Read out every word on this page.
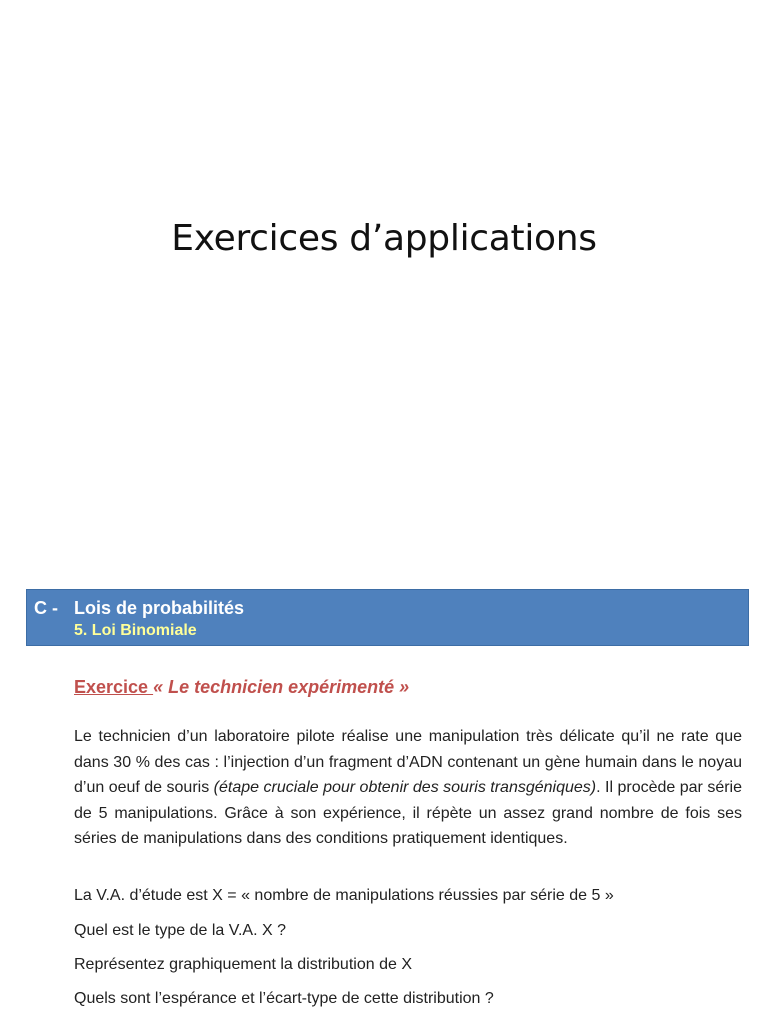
Exercices d’applications
C - Lois de probabilités
5. Loi Binomiale
Exercice « Le technicien expérimenté »
Le technicien d’un laboratoire pilote réalise une manipulation très délicate qu’il ne rate que dans 30 % des cas : l’injection d’un fragment d’ADN contenant un gène humain dans le noyau d’un oeuf de souris (étape cruciale pour obtenir des souris transgéniques). Il procède par série de 5 manipulations. Grâce à son expérience, il répète un assez grand nombre de fois ses séries de manipulations dans des conditions pratiquement identiques.
La V.A. d’étude est X = « nombre de manipulations réussies par série de 5 »
Quel est le type de la V.A. X ?
Représentez graphiquement la distribution de X
Quels sont l’espérance et l’écart-type de cette distribution ?
